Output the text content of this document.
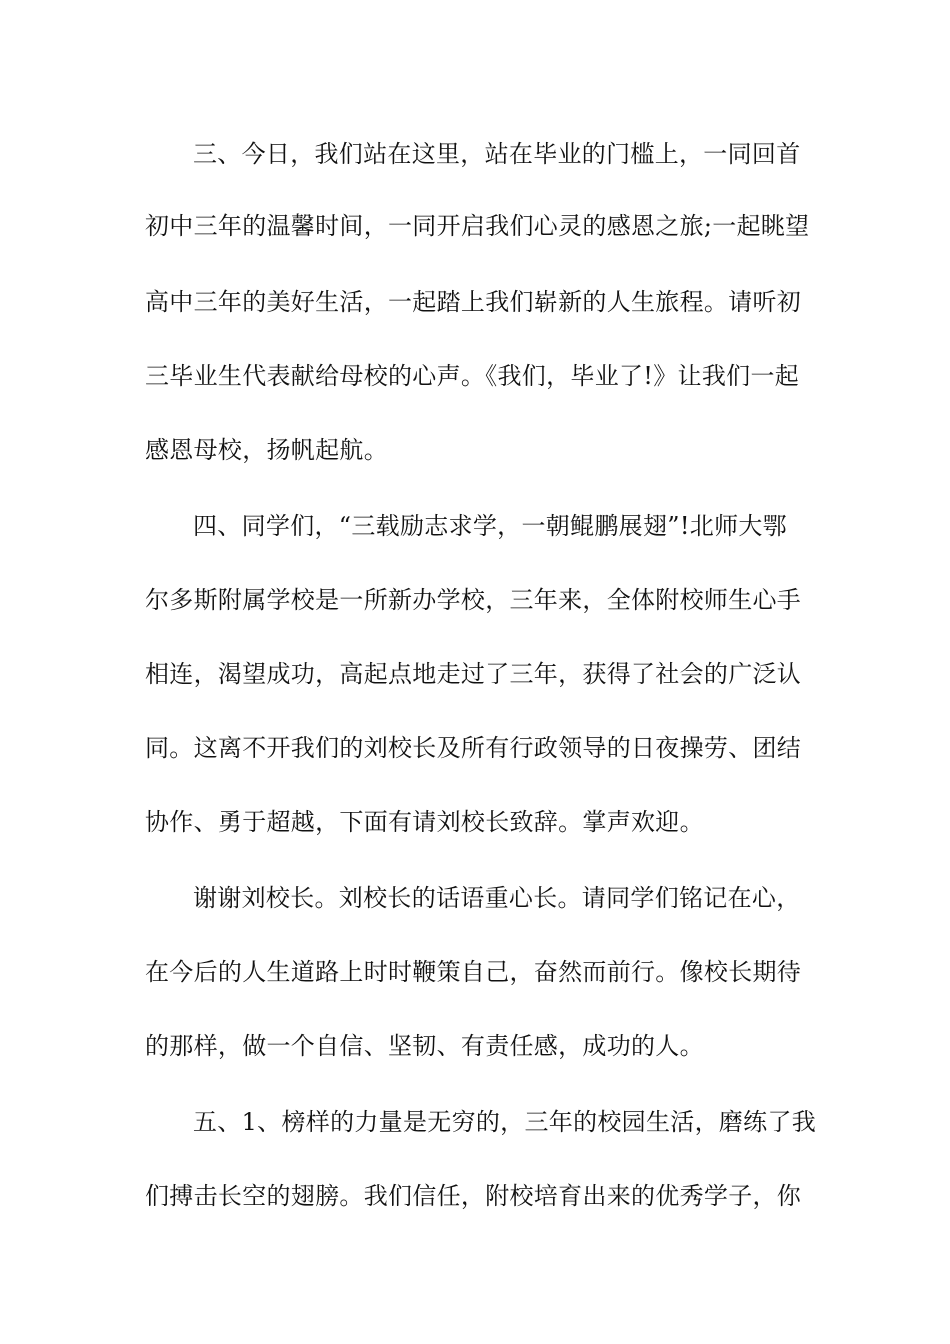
三、今日，我们站在这里，站在毕业的门槛上，一同回首
初中三年的温馨时间，一同开启我们心灵的感恩之旅;一起眺望
高中三年的美好生活，一起踏上我们崭新的人生旅程。请听初
三毕业生代表献给母校的心声。《我们，毕业了!》让我们一起
感恩母校，扬帆起航。
四、同学们，“三载励志求学，一朝鲲鹏展翅”!北师大鄂
尔多斯附属学校是一所新办学校，三年来，全体附校师生心手
相连，渴望成功，高起点地走过了三年，获得了社会的广泛认
同。这离不开我们的刘校长及所有行政领导的日夜操劳、团结
协作、勇于超越，下面有请刘校长致辞。掌声欢迎。
谢谢刘校长。刘校长的话语重心长。请同学们铭记在心，
在今后的人生道路上时时鞭策自己，奋然而前行。像校长期待
的那样，做一个自信、坚韧、有责任感，成功的人。
五、1、榜样的力量是无穷的，三年的校园生活，磨练了我
们搏击长空的翅膀。我们信任，附校培育出来的优秀学子，你
